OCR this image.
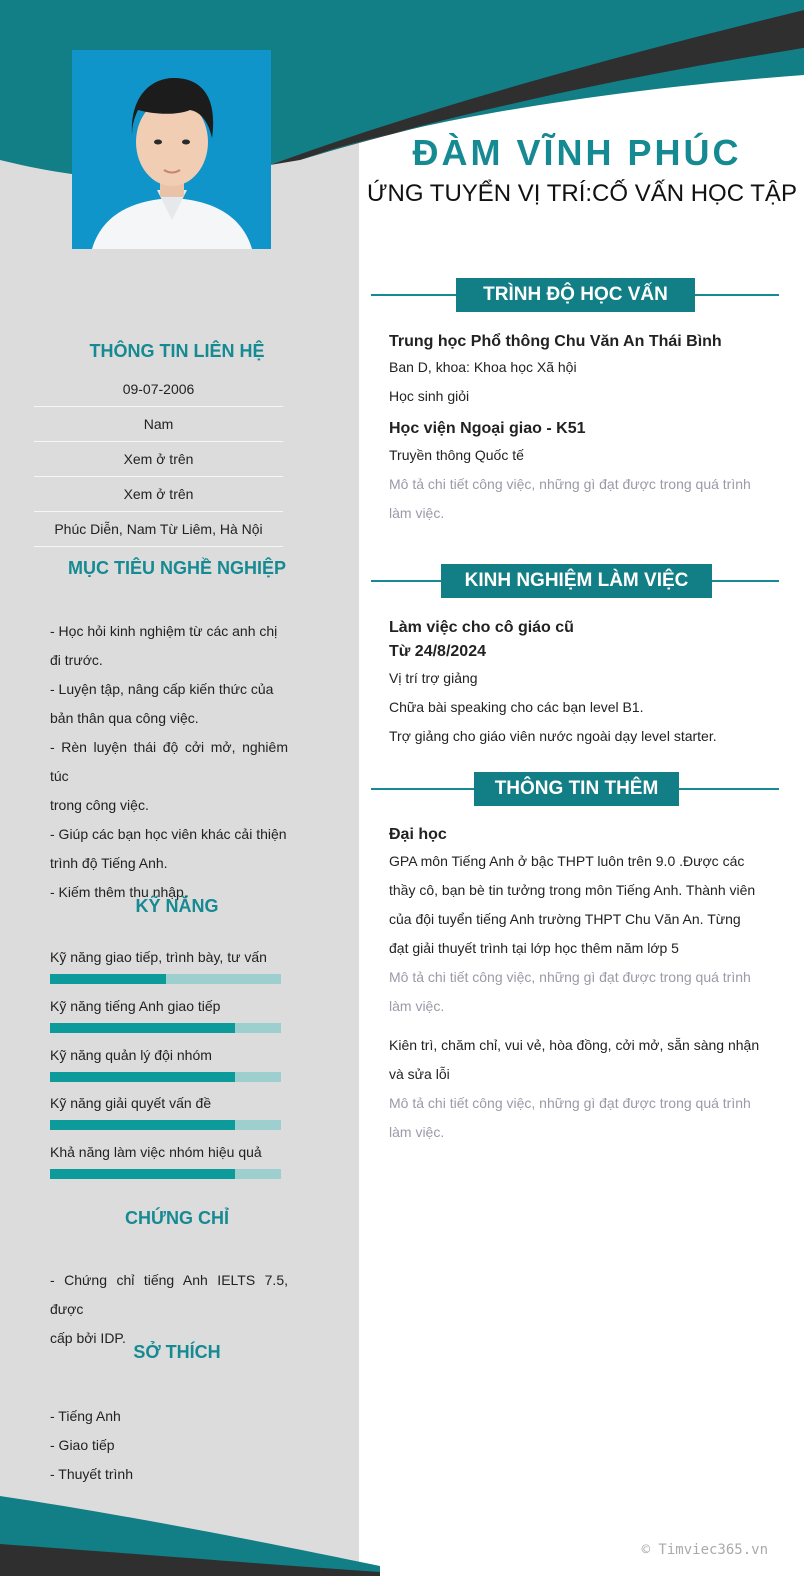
ĐÀM VĨNH PHÚC
ỨNG TUYỂN VỊ TRÍ:CỐ VẤN HỌC TẬP
THÔNG TIN LIÊN HỆ
09-07-2006
Nam
Xem ở trên
Xem ở trên
Phúc Diễn, Nam Từ Liêm, Hà Nội
MỤC TIÊU NGHỀ NGHIỆP
- Học hỏi kinh nghiệm từ các anh chị
đi trước.
- Luyện tập, nâng cấp kiến thức của
bản thân qua công việc.
- Rèn luyện thái độ cởi mở, nghiêm túc
trong công việc.
- Giúp các bạn học viên khác cải thiện
trình độ Tiếng Anh.
- Kiếm thêm thu nhập.
KỸ NĂNG
Kỹ năng giao tiếp, trình bày, tư vấn
Kỹ năng tiếng Anh giao tiếp
Kỹ năng quản lý đội nhóm
Kỹ năng giải quyết vấn đề
Khả năng làm việc nhóm hiệu quả
CHỨNG CHỈ
- Chứng chỉ tiếng Anh IELTS 7.5, được
cấp bởi IDP.
SỞ THÍCH
- Tiếng Anh
- Giao tiếp
- Thuyết trình
TRÌNH ĐỘ HỌC VẤN
Trung học Phổ thông Chu Văn An Thái Bình
Ban D, khoa: Khoa học Xã hội
Học sinh giỏi
Học viện Ngoại giao - K51
Truyền thông Quốc tế
Mô tả chi tiết công việc, những gì đạt được trong quá trình
làm việc.
KINH NGHIỆM LÀM VIỆC
Làm việc cho cô giáo cũ
Từ 24/8/2024
Vị trí trợ giảng
Chữa bài speaking cho các bạn level B1.
Trợ giảng cho giáo viên nước ngoài dạy level starter.
THÔNG TIN THÊM
Đại học
GPA môn Tiếng Anh ở bậc THPT luôn trên 9.0 .Được các
thầy cô, bạn bè tin tưởng trong môn Tiếng Anh. Thành viên
của đội tuyển tiếng Anh trường THPT Chu Văn An. Từng
đạt giải thuyết trình tại lớp học thêm năm lớp 5
Mô tả chi tiết công việc, những gì đạt được trong quá trình
làm việc.
Kiên trì, chăm chỉ, vui vẻ, hòa đồng, cởi mở, sẵn sàng nhận
và sửa lỗi
Mô tả chi tiết công việc, những gì đạt được trong quá trình
làm việc.
© Timviec365.vn
